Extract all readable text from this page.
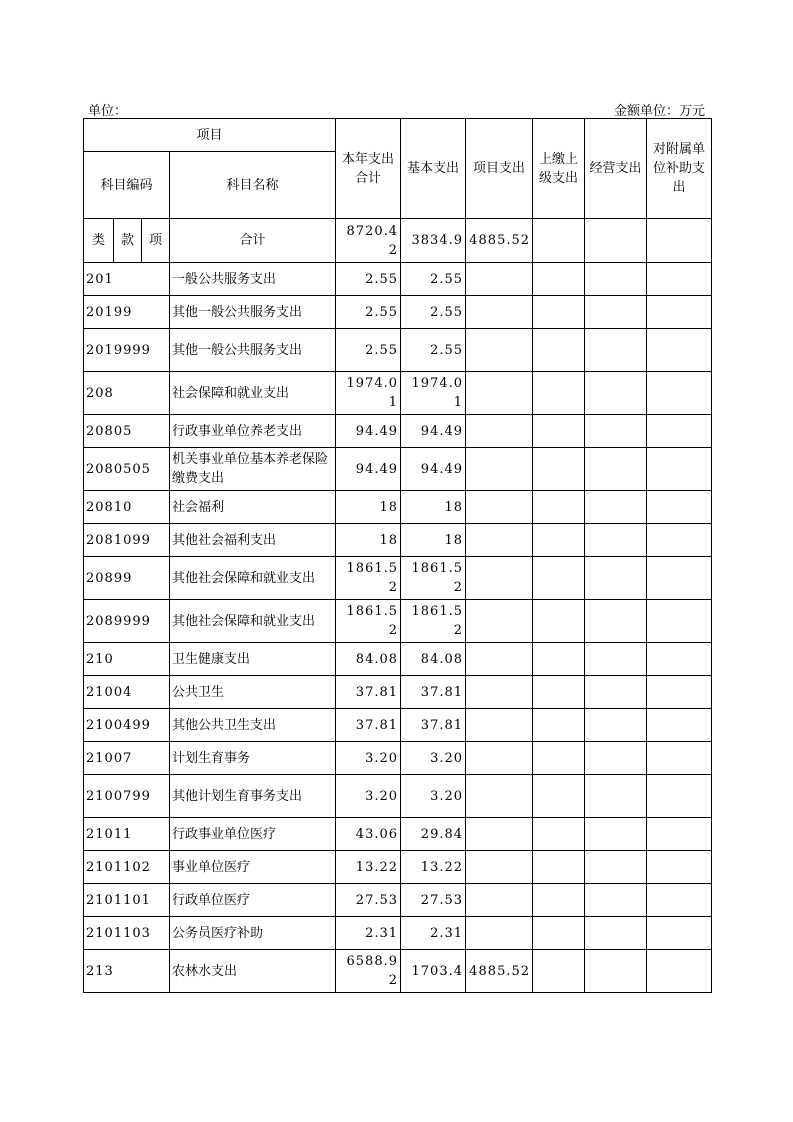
单位：	金额单位：万元
项目				本年支出合计	基本支出	项目支出	上缴上级支出	经营支出	对附属单位补助支出
科目编码			科目名称						
类	款	项	合计	8720.42	3834.9	4885.52			
201			一般公共服务支出	2.55	2.55				
20199			其他一般公共服务支出	2.55	2.55				
2019999			其他一般公共服务支出	2.55	2.55				
208			社会保障和就业支出	1974.01	1974.01				
20805			行政事业单位养老支出	94.49	94.49				
2080505			机关事业单位基本养老保险缴费支出	94.49	94.49				
20810			社会福利	18	18				
2081099			其他社会福利支出	18	18				
20899			其他社会保障和就业支出	1861.52	1861.52				
2089999			其他社会保障和就业支出	1861.52	1861.52				
210			卫生健康支出	84.08	84.08				
21004			公共卫生	37.81	37.81				
2100499			其他公共卫生支出	37.81	37.81				
21007			计划生育事务	3.20	3.20				
2100799			其他计划生育事务支出	3.20	3.20				
21011			行政事业单位医疗	43.06	29.84				
2101102			事业单位医疗	13.22	13.22				
2101101			行政单位医疗	27.53	27.53				
2101103			公务员医疗补助	2.31	2.31				
213			农林水支出	6588.92	1703.4	4885.52			
